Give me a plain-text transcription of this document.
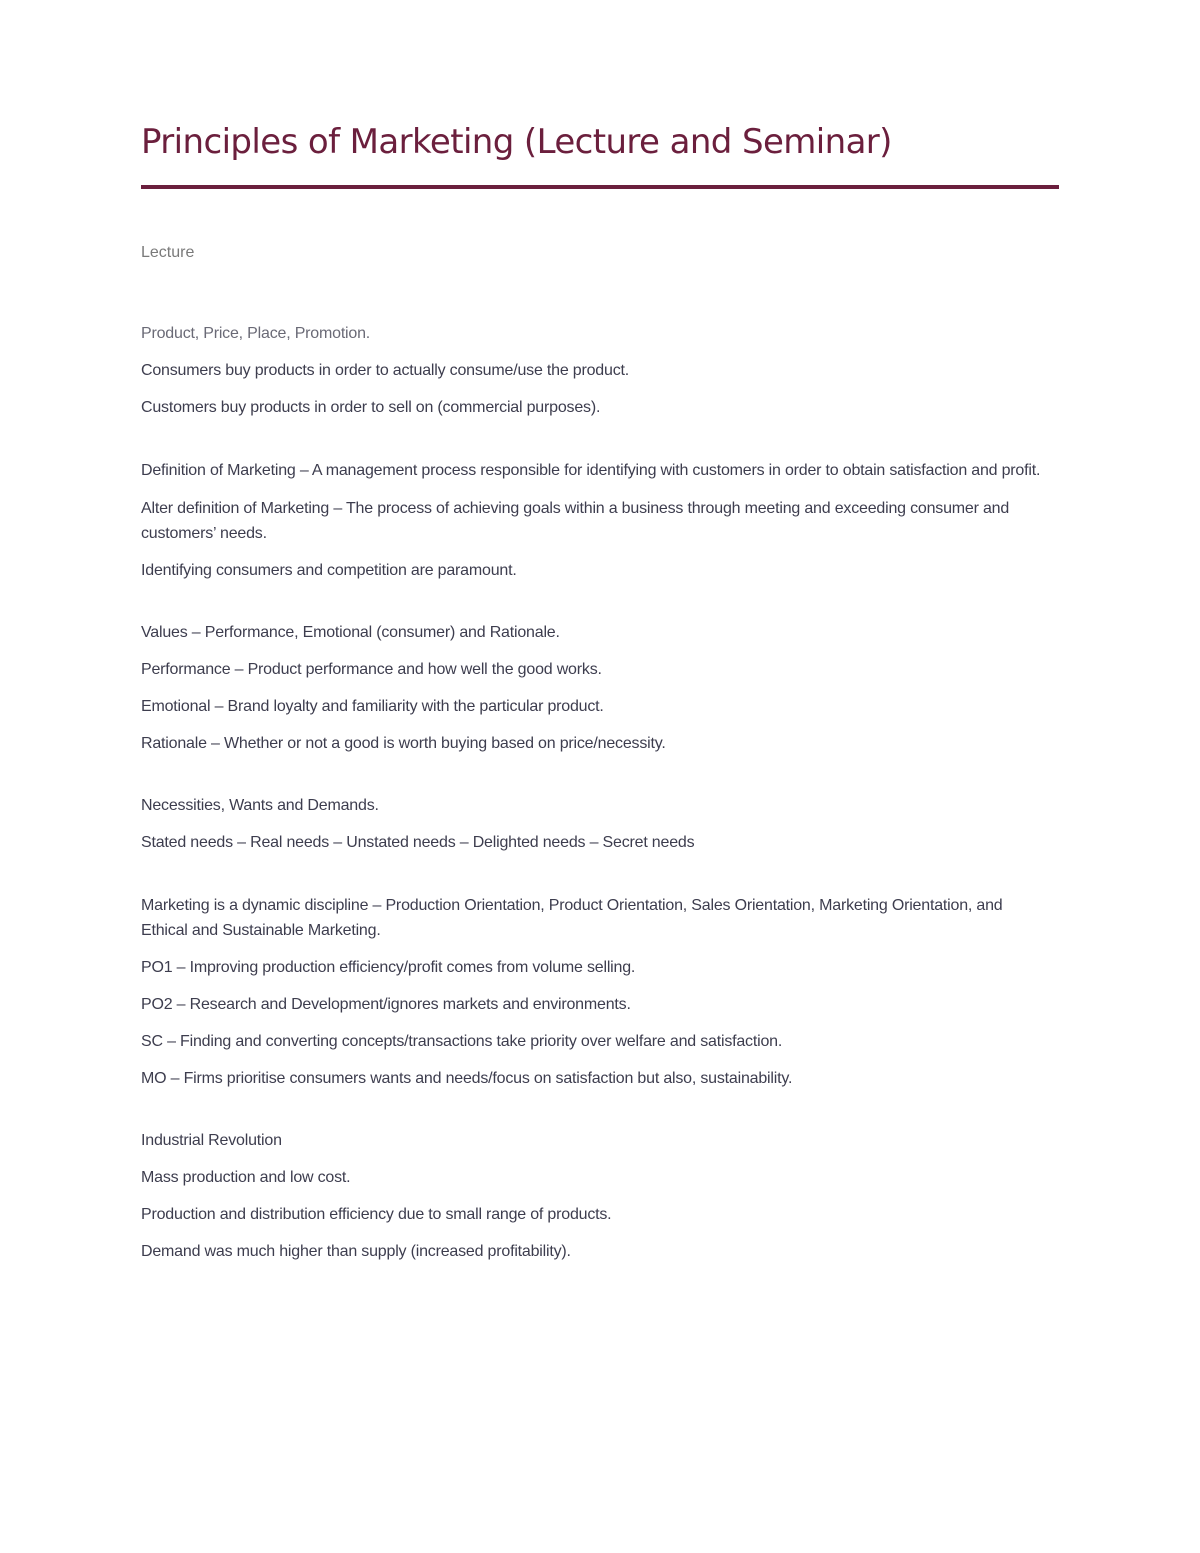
Principles of Marketing (Lecture and Seminar)

Lecture

Product, Price, Place, Promotion.

Consumers buy products in order to actually consume/use the product.

Customers buy products in order to sell on (commercial purposes).

Definition of Marketing – A management process responsible for identifying with customers in order to obtain satisfaction and profit.

Alter definition of Marketing – The process of achieving goals within a business through meeting and exceeding consumer and customers’ needs.

Identifying consumers and competition are paramount.

Values – Performance, Emotional (consumer) and Rationale.

Performance – Product performance and how well the good works.

Emotional – Brand loyalty and familiarity with the particular product.

Rationale – Whether or not a good is worth buying based on price/necessity.

Necessities, Wants and Demands.

Stated needs – Real needs – Unstated needs – Delighted needs – Secret needs

Marketing is a dynamic discipline – Production Orientation, Product Orientation, Sales Orientation, Marketing Orientation, and Ethical and Sustainable Marketing.

PO1 – Improving production efficiency/profit comes from volume selling.

PO2 – Research and Development/ignores markets and environments.

SC – Finding and converting concepts/transactions take priority over welfare and satisfaction.

MO – Firms prioritise consumers wants and needs/focus on satisfaction but also, sustainability.

Industrial Revolution

Mass production and low cost.

Production and distribution efficiency due to small range of products.

Demand was much higher than supply (increased profitability).
